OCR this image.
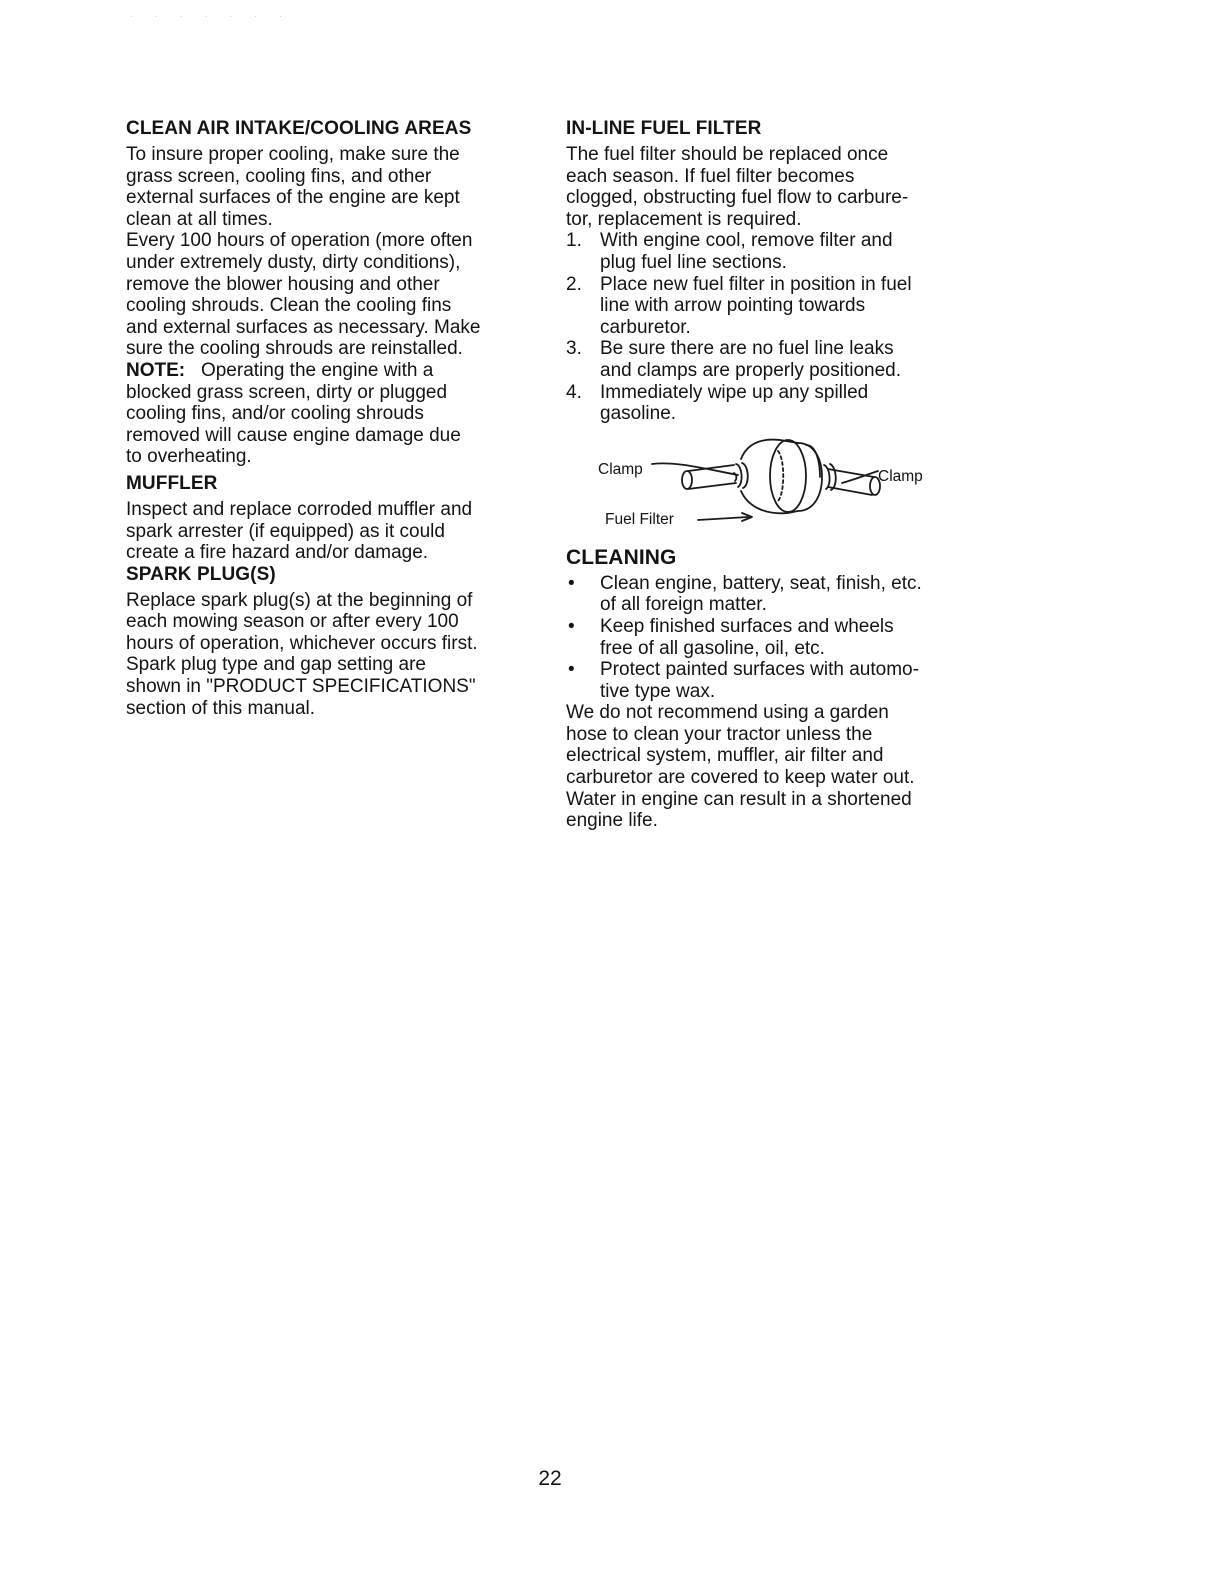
· · · · · · ·
CLEAN AIR INTAKE/COOLING AREAS

To insure proper cooling, make sure the

grass screen, cooling fins, and other

external surfaces of the engine are kept

clean at all times.

Every 100 hours of operation (more often

under extremely dusty, dirty conditions),

remove the blower housing and other

cooling shrouds. Clean the cooling fins

and external surfaces as necessary. Make

sure the cooling shrouds are reinstalled.

NOTE: Operating the engine with a

blocked grass screen, dirty or plugged

cooling fins, and/or cooling shrouds

removed will cause engine damage due

to overheating.

MUFFLER

Inspect and replace corroded muffler and

spark arrester (if equipped) as it could

create a fire hazard and/or damage.

SPARK PLUG(S)

Replace spark plug(s) at the beginning of

each mowing season or after every 100

hours of operation, whichever occurs first.

Spark plug type and gap setting are

shown in "PRODUCT SPECIFICATIONS"

section of this manual.

IN-LINE FUEL FILTER

The fuel filter should be replaced once

each season. If fuel filter becomes

clogged, obstructing fuel flow to carbure-

tor, replacement is required.

1. With engine cool, remove filter and
plug fuel line sections.
2. Place new fuel filter in position in fuel
line with arrow pointing towards
carburetor.
3. Be sure there are no fuel line leaks
and clamps are properly positioned.
4. Immediately wipe up any spilled
gasoline.
Clamp	Clamp
Fuel Filter
CLEANING
•	Clean engine, battery, seat, finish, etc.
of all foreign matter.
•	Keep finished surfaces and wheels
free of all gasoline, oil, etc.
•	Protect painted surfaces with automo-
tive type wax.

We do not recommend using a garden

hose to clean your tractor unless the

electrical system, muffler, air filter and

carburetor are covered to keep water out.

Water in engine can result in a shortened

engine life.

22
